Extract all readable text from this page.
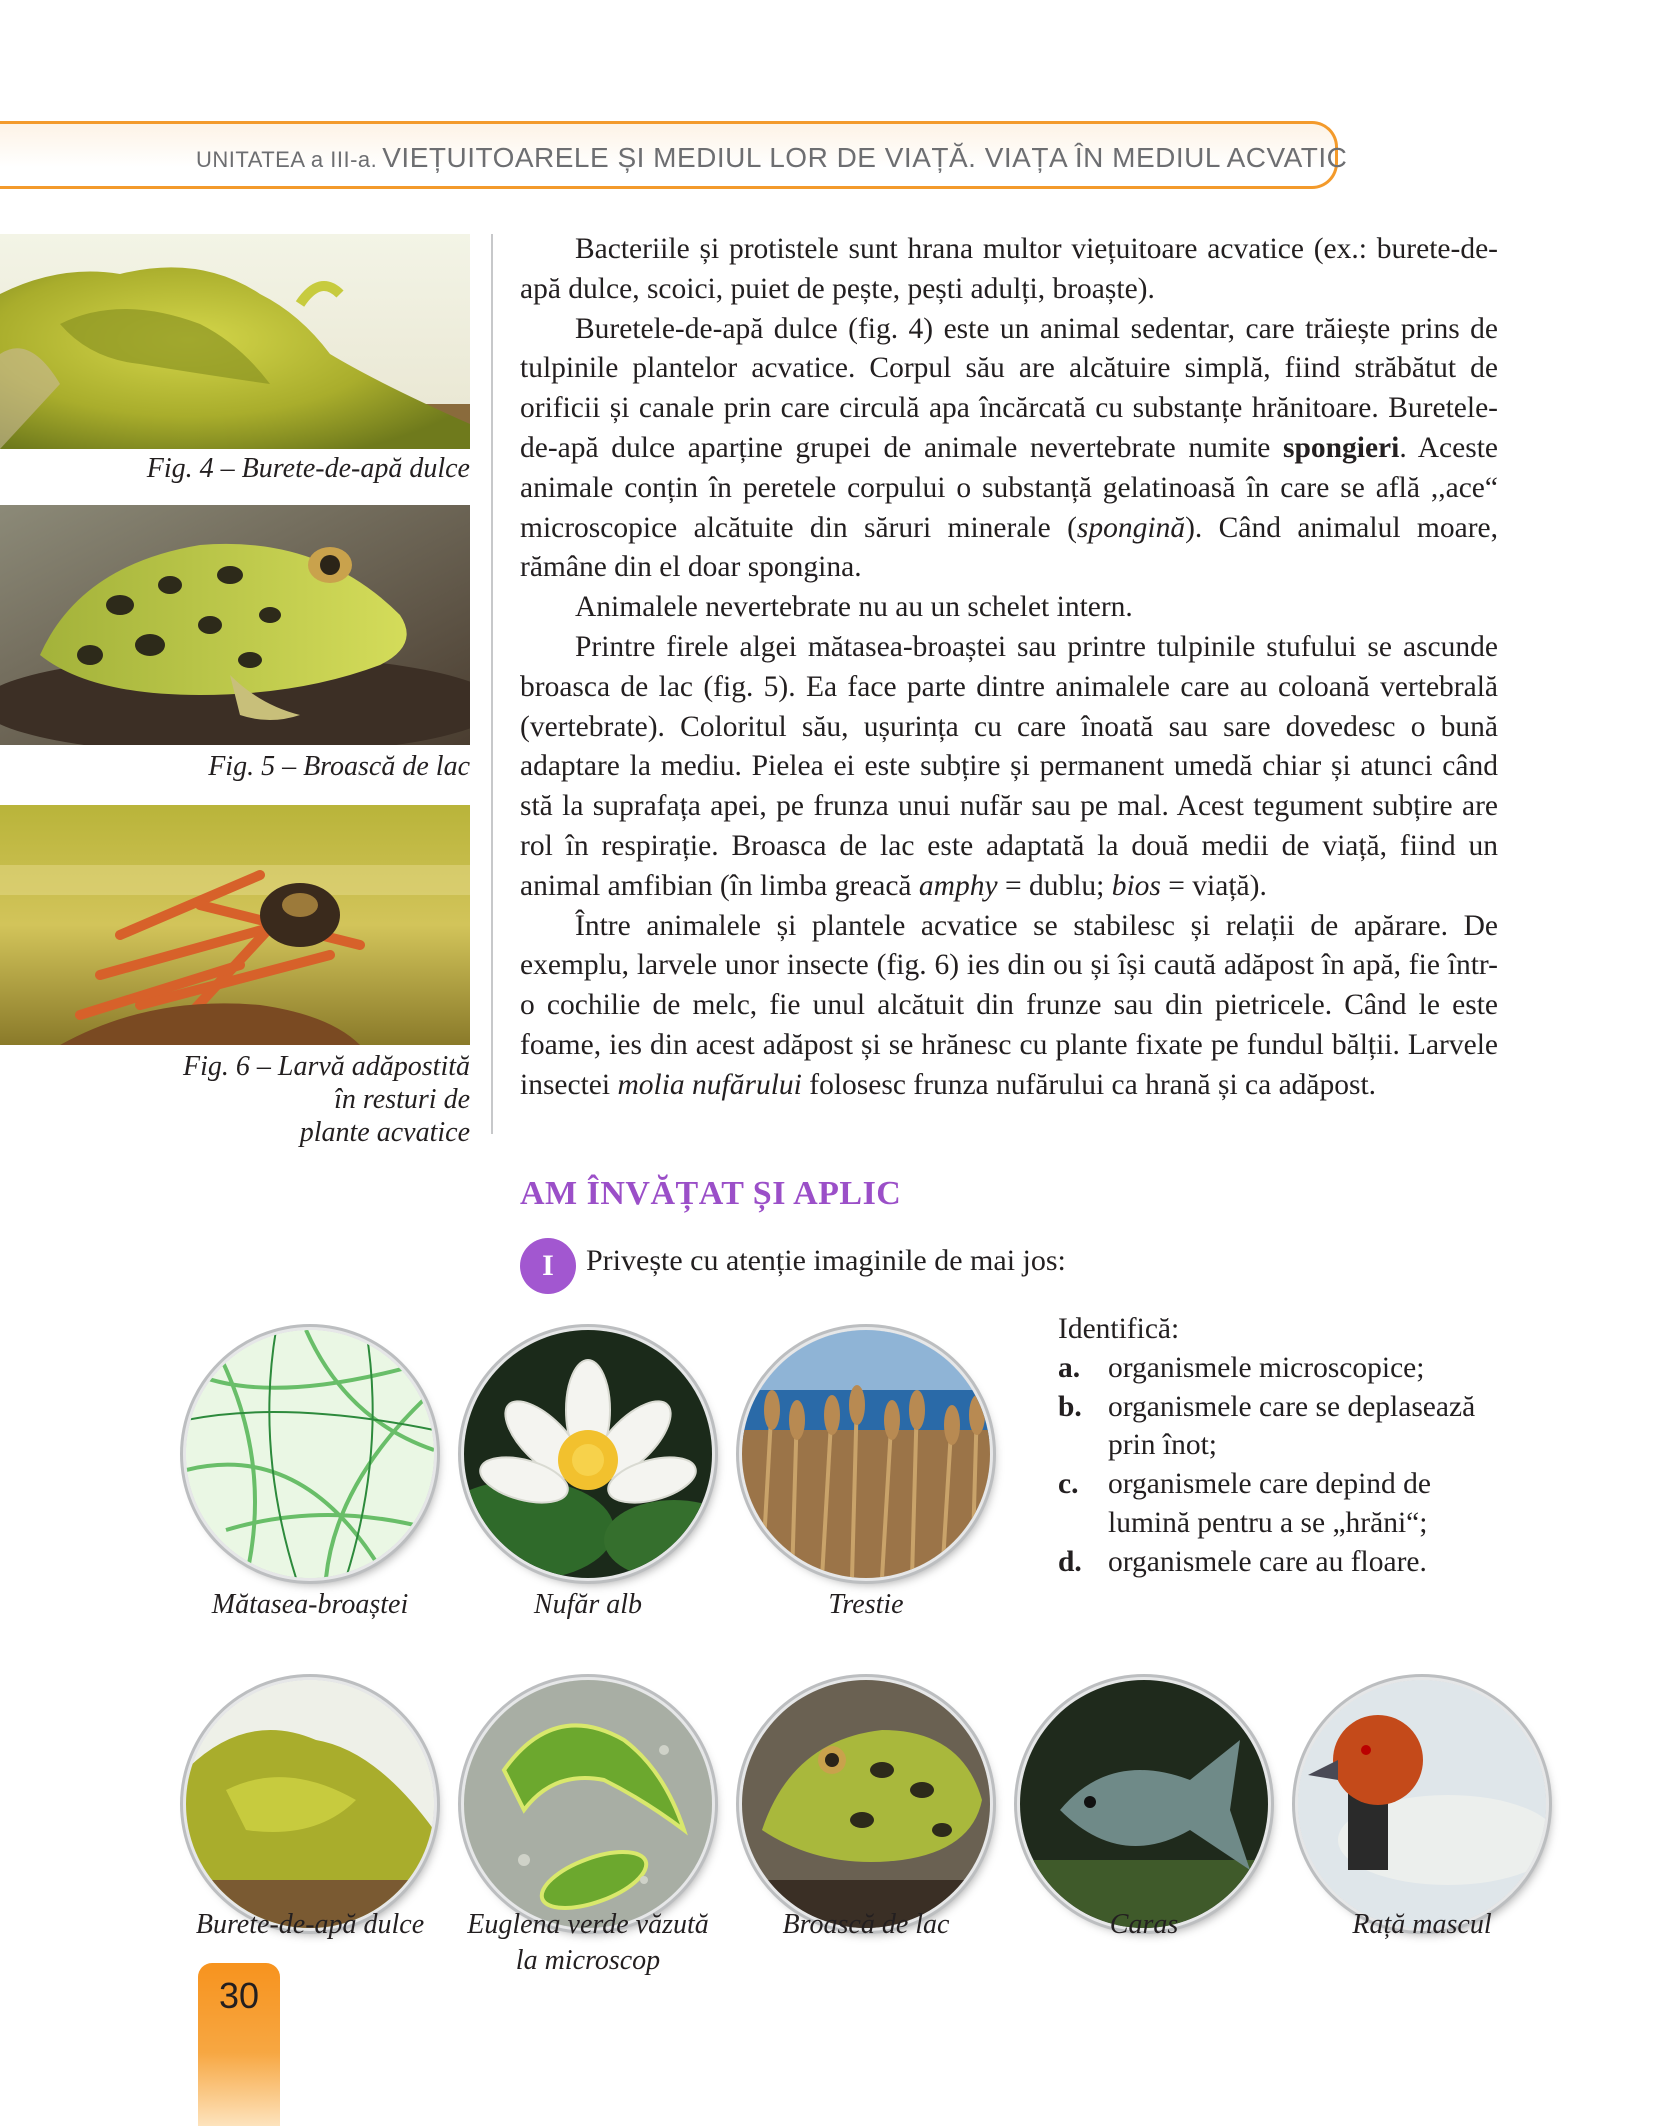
UNITATEA a III-a. VIEȚUITOARELE ȘI MEDIUL LOR DE VIAȚĂ. VIAȚA ÎN MEDIUL ACVATIC
Fig. 4 – Burete-de-apă dulce
Fig. 5 – Broască de lac
Fig. 6 – Larvă adăpostită
în resturi de
plante acvatice

Bacteriile și protistele sunt hrana multor viețuitoare acvatice (ex.: burete-de-apă dulce, scoici, puiet de pește, pești adulți, broaște).

Buretele-de-apă dulce (fig. 4) este un animal sedentar, care trăiește prins de tulpinile plantelor acvatice. Corpul său are alcătuire simplă, fiind străbătut de orificii și canale prin care circulă apa încărcată cu substanțe hrănitoare. Buretele-de-apă dulce aparține grupei de animale nevertebrate numite spongieri. Aceste animale conțin în peretele corpului o substanță gelatinoasă în care se află ,,ace“ microscopice alcătuite din săruri minerale (spongină). Când animalul moare, rămâne din el doar spongina.

Animalele nevertebrate nu au un schelet intern.

Printre firele algei mătasea-broaștei sau printre tulpinile stufului se ascunde broasca de lac (fig. 5). Ea face parte dintre animalele care au coloană vertebrală (vertebrate). Coloritul său, ușurința cu care înoată sau sare dovedesc o bună adaptare la mediu. Pielea ei este subțire și permanent umedă chiar și atunci când stă la suprafața apei, pe frunza unui nufăr sau pe mal. Acest tegument subțire are rol în respirație. Broasca de lac este adaptată la două medii de viață, fiind un animal amfibian (în limba greacă amphy = dublu; bios = viață).

Între animalele și plantele acvatice se stabilesc și relații de apărare. De exemplu, larvele unor insecte (fig. 6) ies din ou și își caută adăpost în apă, fie într-o cochilie de melc, fie unul alcătuit din frunze sau din pietricele. Când le este foame, ies din acest adăpost și se hrănesc cu plante fixate pe fundul bălții. Larvele insectei molia nufărului folosesc frunza nufărului ca hrană și ca adăpost.

AM ÎNVĂȚAT ȘI APLIC
I	Privește cu atenție imaginile de mai jos:
Identifică:
a. organismele microscopice;
b. organismele care se deplasează prin înot;
c.	organismele care depind de lumină pentru a se „hrăni“;
d. organismele care au floare.
Mătasea-broaștei	Nufăr alb	Trestie
Burete-de-apă dulce	Euglena verde văzută
la microscop
Broască de lac	Caras	Rață mascul
30
